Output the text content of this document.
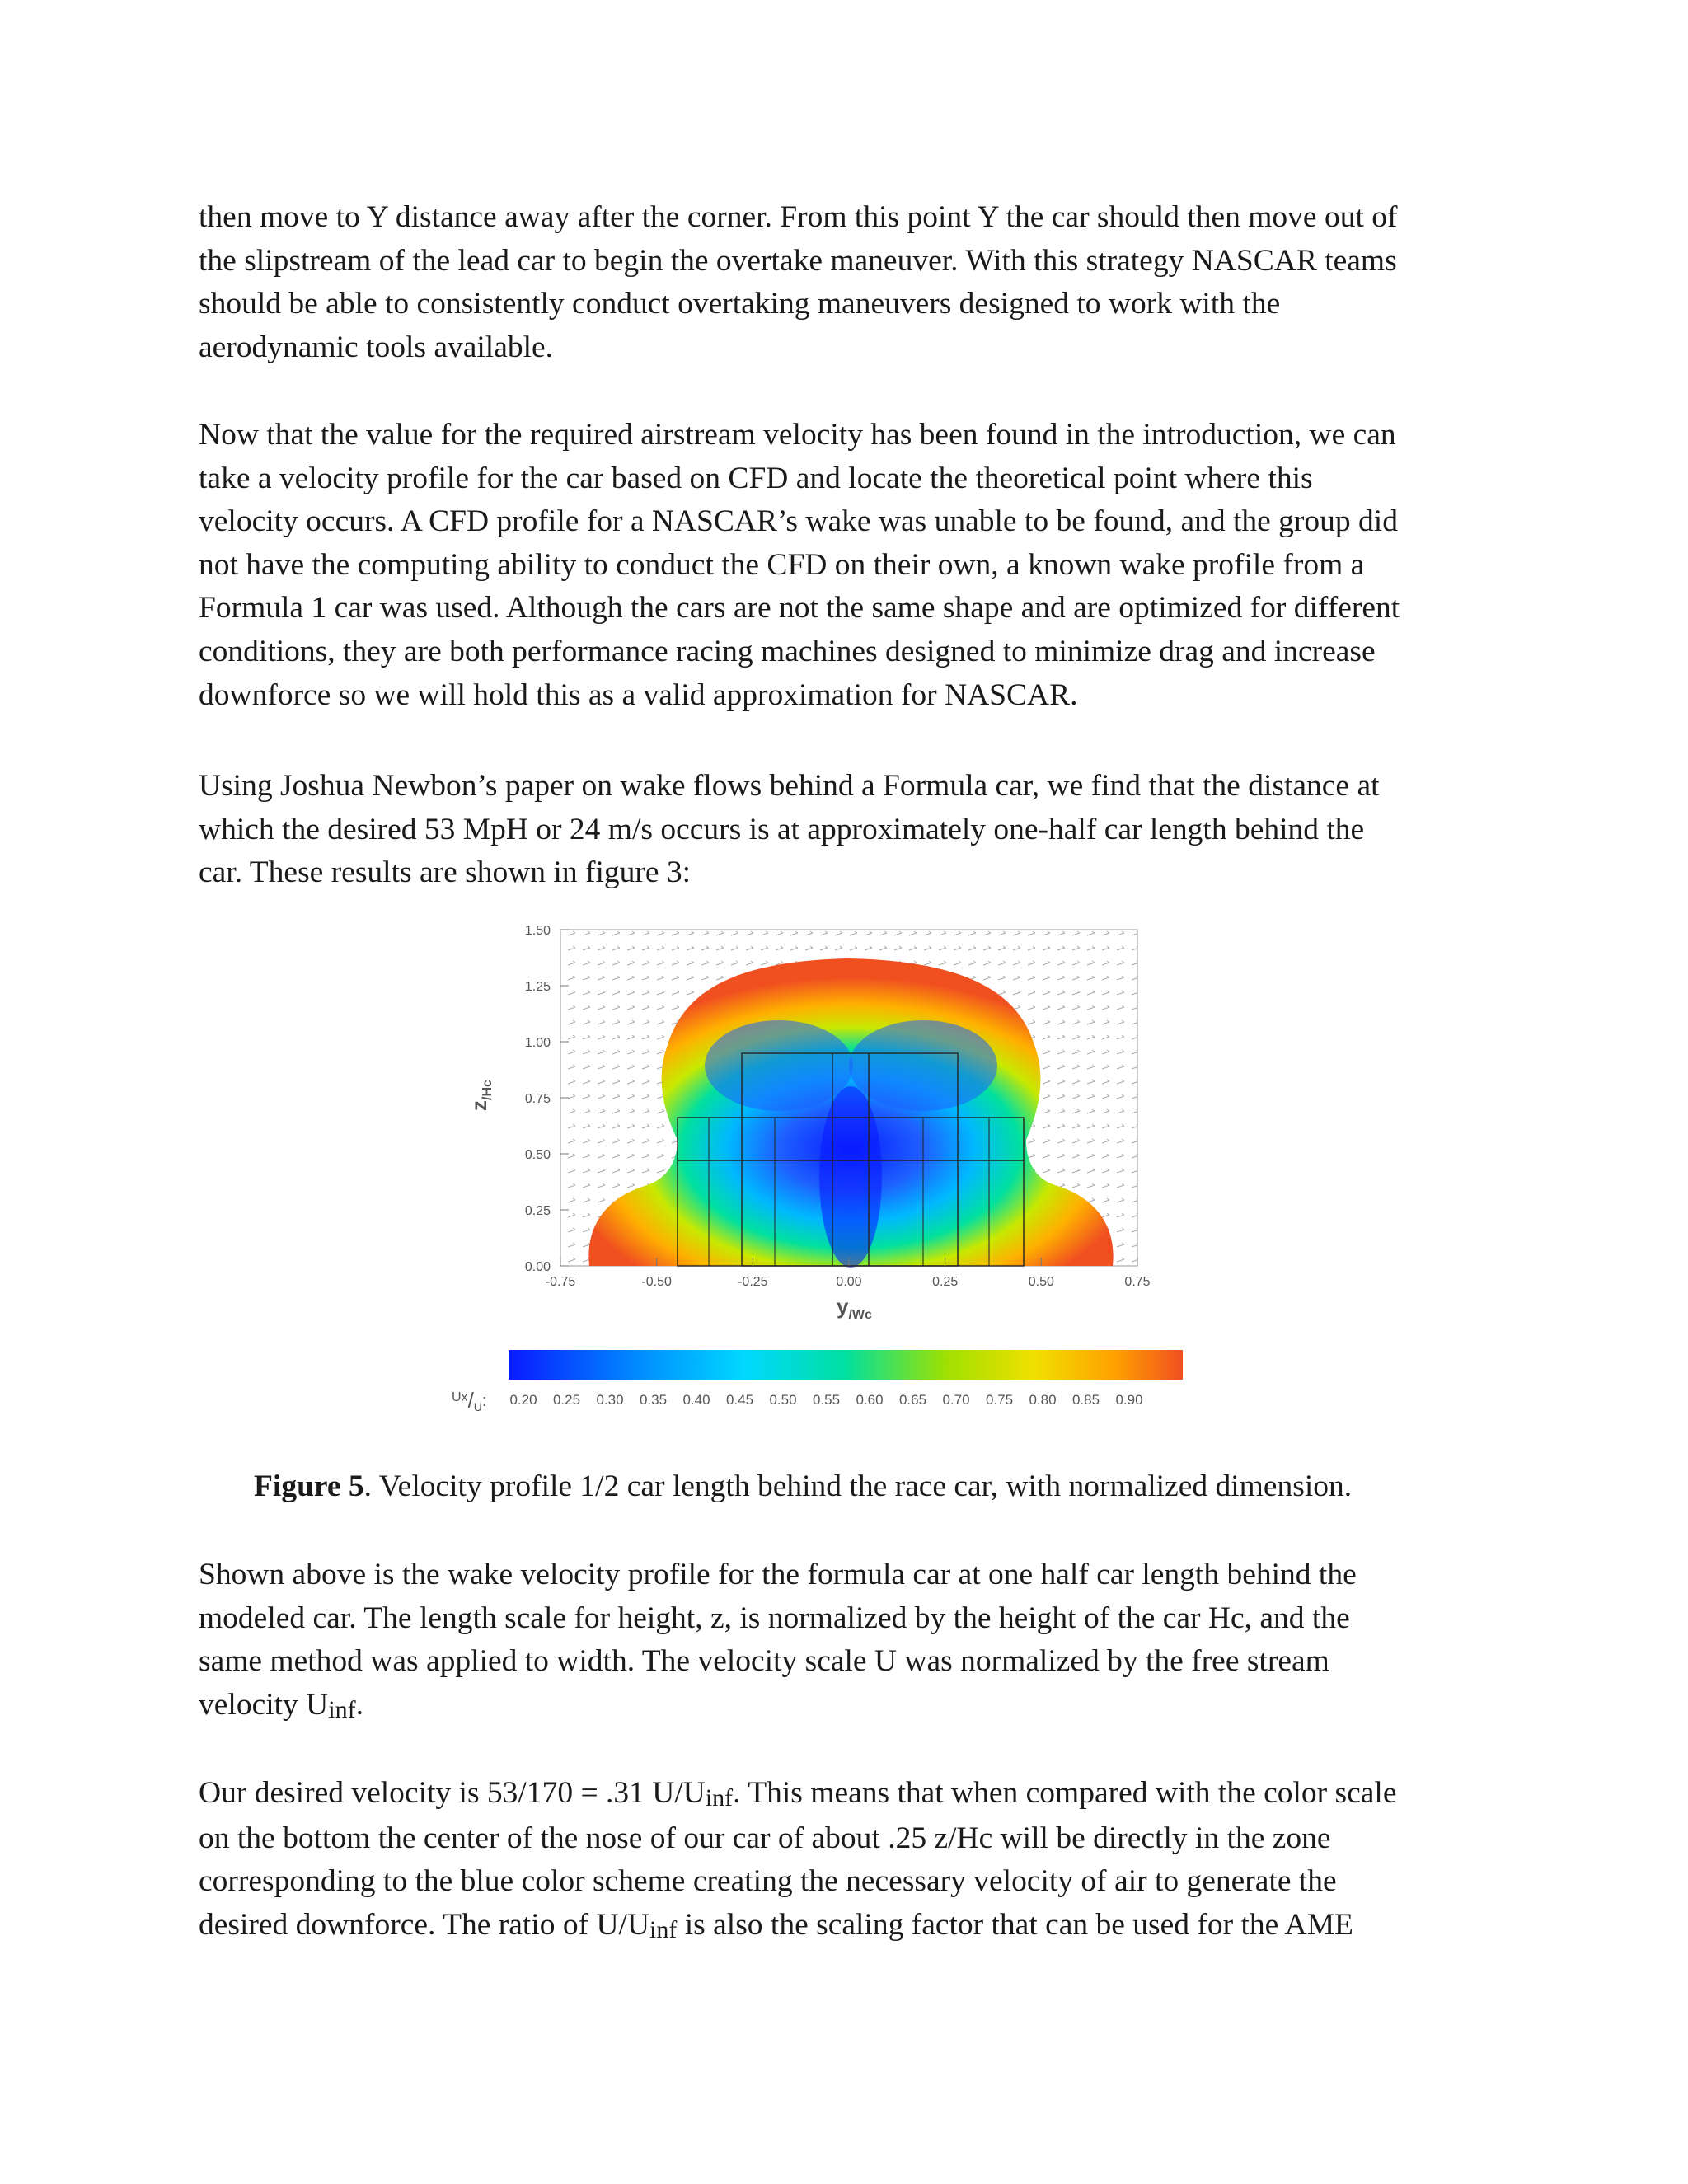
then move to Y distance away after the corner. From this point Y the car should then move out of
the slipstream of the lead car to begin the overtake maneuver. With this strategy NASCAR teams
should be able to consistently conduct overtaking maneuvers designed to work with the
aerodynamic tools available.
Now that the value for the required airstream velocity has been found in the introduction, we can
take a velocity profile for the car based on CFD and locate the theoretical point where this
velocity occurs. A CFD profile for a NASCAR’s wake was unable to be found, and the group did
not have the computing ability to conduct the CFD on their own, a known wake profile from a
Formula 1 car was used. Although the cars are not the same shape and are optimized for different
conditions, they are both performance racing machines designed to minimize drag and increase
downforce so we will hold this as a valid approximation for NASCAR.
Using Joshua Newbon’s paper on wake flows behind a Formula car, we find that the distance at
which the desired 53 MpH or 24 m/s occurs is at approximately one-half car length behind the
car. These results are shown in figure 3:
1.50
1.25
1.00
0.75
0.50
0.25
0.00
-0.75	-0.50	-0.25	0.00	0.25	0.50	0.75
$z_/Hc$
$y_/Wc$
Ux/U: 0.20 0.25 0.30 0.35 0.40 0.45 0.50 0.55 0.60 0.65 0.70 0.75 0.80 0.85 0.90
Figure 5. Velocity profile 1/2 car length behind the race car, with normalized dimension.
Shown above is the wake velocity profile for the formula car at one half car length behind the
modeled car. The length scale for height, z, is normalized by the height of the car Hc, and the
same method was applied to width. The velocity scale U was normalized by the free stream
velocity Uinf.
Our desired velocity is 53/170 = .31 U/Uinf. This means that when compared with the color scale
on the bottom the center of the nose of our car of about .25 z/Hc will be directly in the zone
corresponding to the blue color scheme creating the necessary velocity of air to generate the
desired downforce. The ratio of U/Uinf is also the scaling factor that can be used for the AME
